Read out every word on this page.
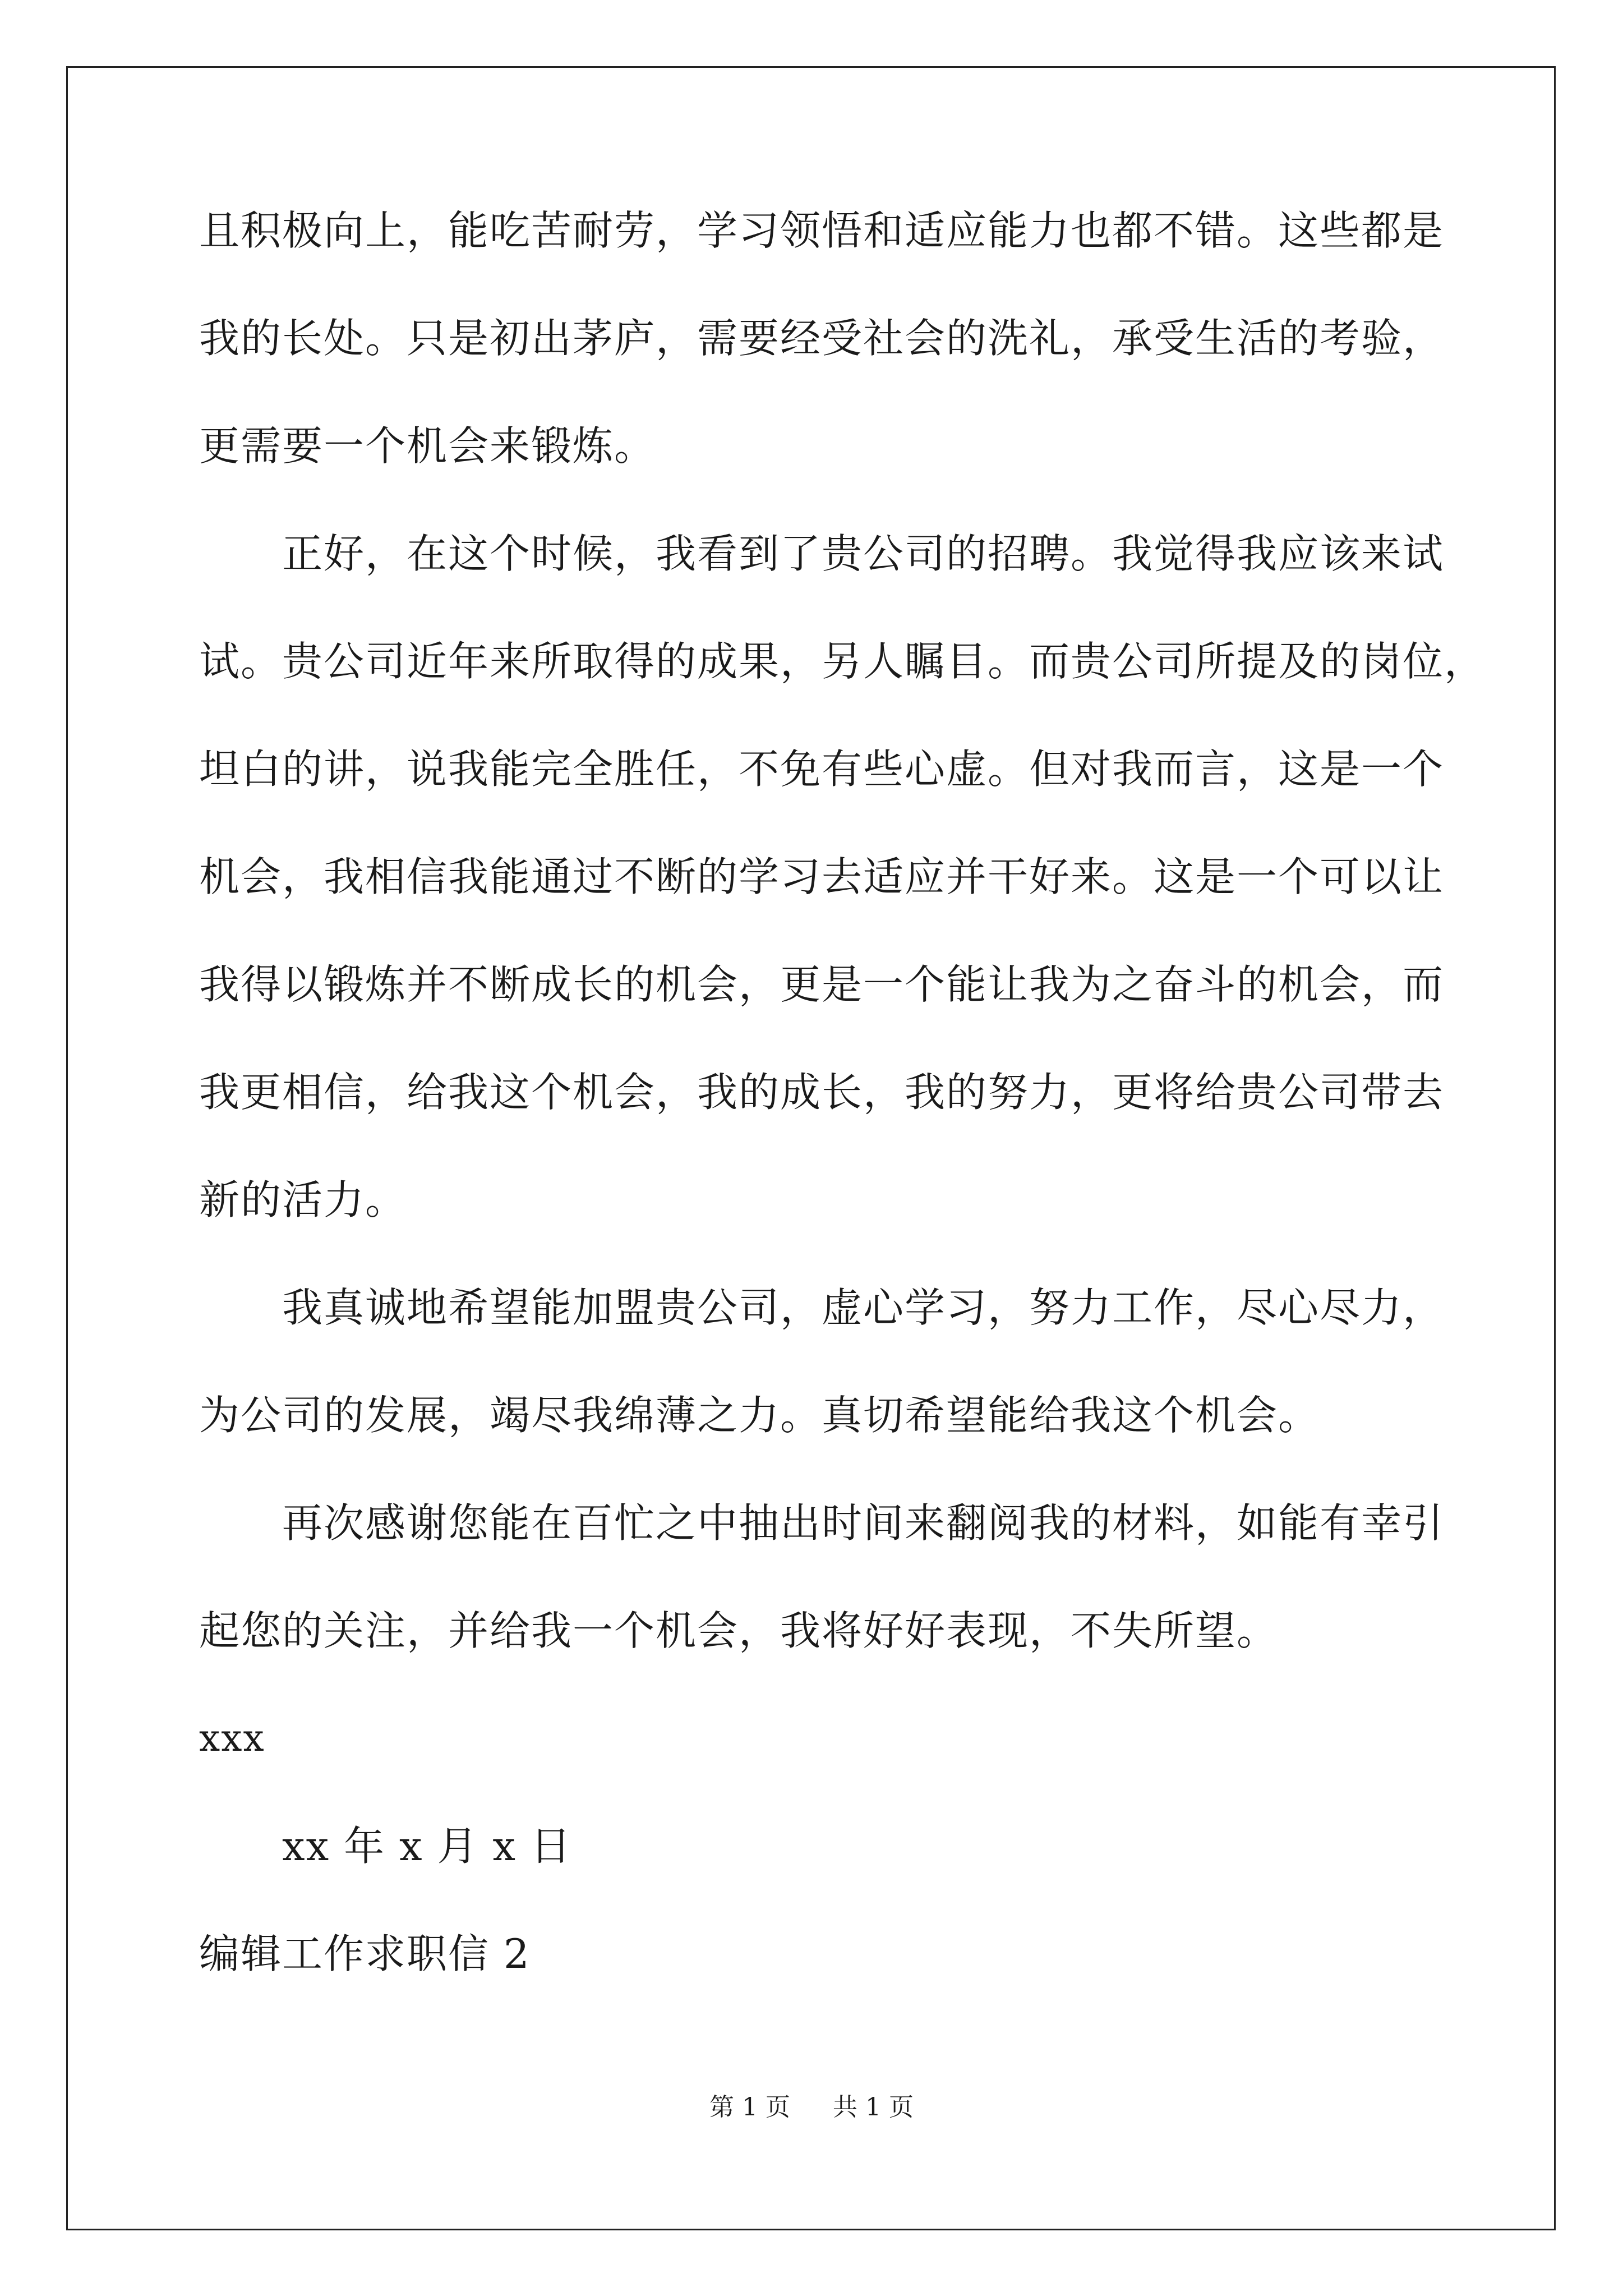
且积极向上，能吃苦耐劳，学习领悟和适应能力也都不错。这些都是
我的长处。只是初出茅庐，需要经受社会的洗礼，承受生活的考验，
更需要一个机会来锻炼。
正好，在这个时候，我看到了贵公司的招聘。我觉得我应该来试
试。贵公司近年来所取得的成果，另人瞩目。而贵公司所提及的岗位，
坦白的讲，说我能完全胜任，不免有些心虚。但对我而言，这是一个
机会，我相信我能通过不断的学习去适应并干好来。这是一个可以让
我得以锻炼并不断成长的机会，更是一个能让我为之奋斗的机会，而
我更相信，给我这个机会，我的成长，我的努力，更将给贵公司带去
新的活力。
我真诚地希望能加盟贵公司，虚心学习，努力工作，尽心尽力，
为公司的发展，竭尽我绵薄之力。真切希望能给我这个机会。
再次感谢您能在百忙之中抽出时间来翻阅我的材料，如能有幸引
起您的关注，并给我一个机会，我将好好表现，不失所望。
xxx
xx 年 x 月 x 日
编辑工作求职信 2
第 1 页 共 1 页
